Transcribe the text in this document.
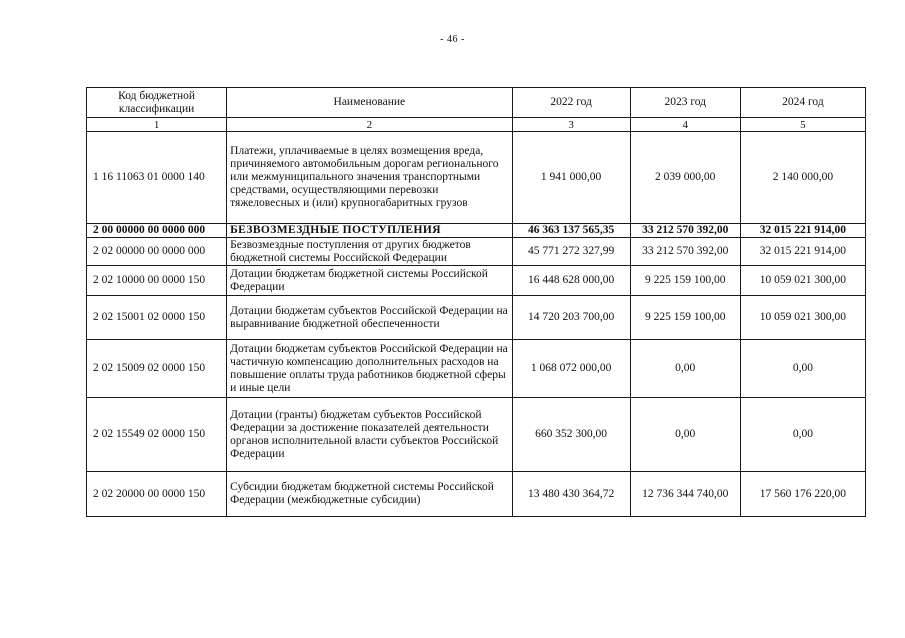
- 46 -
Код бюджетной классификации	Наименование	2022 год	2023 год	2024 год
1	2	3	4	5
1 16 11063 01 0000 140	Платежи, уплачиваемые в целях возмещения вреда, причиняемого автомобильным дорогам регионального или межмуниципального значения транспортными средствами, осуществляющими перевозки тяжеловесных и (или) крупногабаритных грузов	1 941 000,00	2 039 000,00	2 140 000,00
2 00 00000 00 0000 000	БЕЗВОЗМЕЗДНЫЕ ПОСТУПЛЕНИЯ	46 363 137 565,35	33 212 570 392,00	32 015 221 914,00
2 02 00000 00 0000 000	Безвозмездные поступления от других бюджетов бюджетной системы Российской Федерации	45 771 272 327,99	33 212 570 392,00	32 015 221 914,00
2 02 10000 00 0000 150	Дотации бюджетам бюджетной системы Российской Федерации	16 448 628 000,00	9 225 159 100,00	10 059 021 300,00
2 02 15001 02 0000 150	Дотации бюджетам субъектов Российской Федерации на выравнивание бюджетной обеспеченности	14 720 203 700,00	9 225 159 100,00	10 059 021 300,00
2 02 15009 02 0000 150	Дотации бюджетам субъектов Российской Федерации на частичную компенсацию дополнительных расходов на повышение оплаты труда работников бюджетной сферы и иные цели	1 068 072 000,00	0,00	0,00
2 02 15549 02 0000 150	Дотации (гранты) бюджетам субъектов Российской Федерации за достижение показателей деятельности органов исполнительной власти субъектов Российской Федерации	660 352 300,00	0,00	0,00
2 02 20000 00 0000 150	Субсидии бюджетам бюджетной системы Российской Федерации (межбюджетные субсидии)	13 480 430 364,72	12 736 344 740,00	17 560 176 220,00
